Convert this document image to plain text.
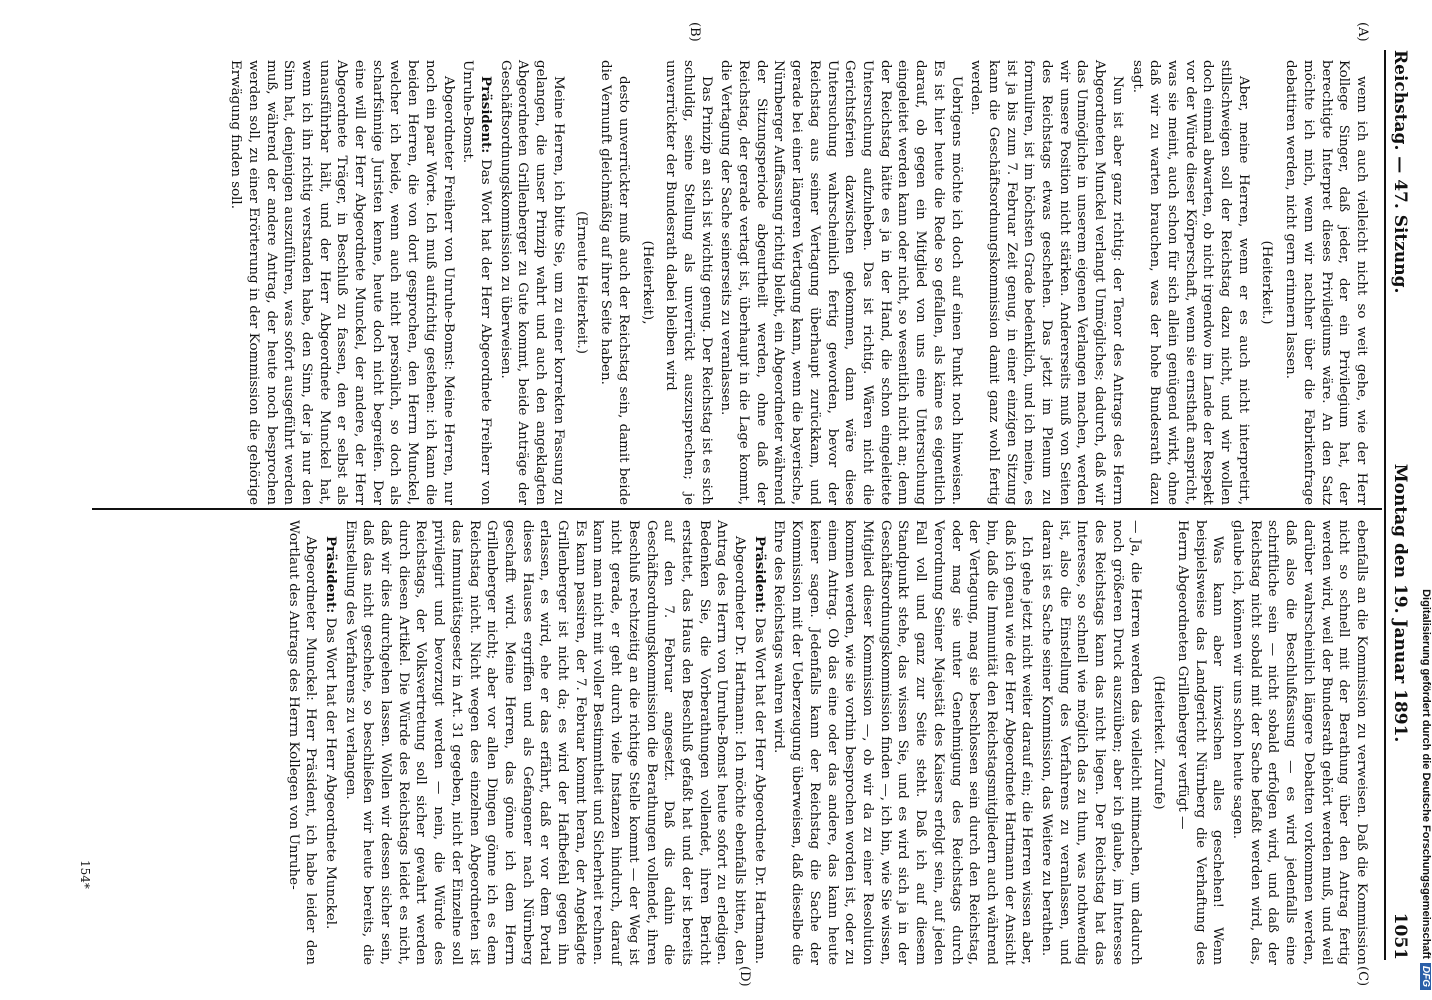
Reichstag. — 47. Sitzung.
Montag den 19. Januar 1891.
1051
(A)
(B)
(C)
(D)

wenn ich auch vielleicht nicht so weit gehe, wie der Herr Kollege Singer, daß jeder, der ein Privilegium hat, der berechtigte Interpret dieses Privilegiums wäre. An den Satz möchte ich mich, wenn wir nachher über die Fabrikenfrage debattiren werden, nicht gern erinnern lassen.

(Heiterkeit.)

Aber, meine Herren, wenn er es auch nicht interpretirt, stillschweigen soll der Reichstag dazu nicht, und wir wollen doch einmal abwarten, ob nicht irgendwo im Lande der Respekt vor der Würde dieser Körperschaft, wenn sie ernsthaft anspricht, was sie meint, auch schon für sich allein genügend wirkt, ohne daß wir zu warten brauchen, was der hohe Bundesrath dazu sagt.

Nun ist aber ganz richtig: der Tenor des Antrags des Herrn Abgeordneten Munckel verlangt Unmögliches; dadurch, daß wir das Unmögliche in unserem eigenen Verlangen machen, werden wir unsere Position nicht stärken. Andererseits muß von Seiten des Reichstags etwas geschehen. Das jetzt im Plenum zu formuliren, ist im höchsten Grade bedenklich, und ich meine, es ist ja bis zum 7. Februar Zeit genug, in einer einzigen Sitzung kann die Geschäftsordnungskommission damit ganz wohl fertig werden.

Uebrigens möchte ich doch auf einen Punkt noch hinweisen. Es ist hier heute die Rede so gefallen, als käme es eigentlich darauf, ob gegen ein Mitglied von uns eine Untersuchung eingeleitet werden kann oder nicht, so wesentlich nicht an; denn der Reichstag hätte es ja in der Hand, die schon eingeleitete Untersuchung aufzuheben. Das ist richtig. Wären nicht die Gerichtsferien dazwischen gekommen, dann wäre diese Untersuchung wahrscheinlich fertig geworden, bevor der Reichstag aus seiner Vertagung überhaupt zurückkam, und gerade bei einer längeren Vertagung kann, wenn die bayerische, Nürnberger Auffassung richtig bleibt, ein Abgeordneter während der Sitzungsperiode abgeurtheilt werden, ohne daß der Reichstag, der gerade vertagt ist, überhaupt in die Lage kommt, die Vertagung der Sache seinerseits zu veranlassen.

Das Prinzip an sich ist wichtig genug. Der Reichstag ist es sich schuldig, seine Stellung als unverrückt auszusprechen; je unverrückter der Bundesrath dabei bleiben wird

(Heiterkeit),

desto unverrückter muß auch der Reichstag sein, damit beide die Vernunft gleichmäßig auf ihrer Seite haben.

(Erneute Heiterkeit.)

Meine Herren, ich bitte Sie, um zu einer korrekten Fassung zu gelangen, die unser Prinzip wahrt und auch den angeklagten Abgeordneten Grillenberger zu Gute kommt, beide Anträge der Geschäftsordnungskommission zu überweisen.

Präsident: Das Wort hat der Herr Abgeordnete Freiherr von Unruhe-Bomst.

Abgeordneter Freiherr von Unruhe-Bomst: Meine Herren, nur noch ein paar Worte. Ich muß aufrichtig gestehen: ich kann die beiden Herren, die von dort gesprochen, den Herrn Munckel, welcher ich beide, wenn auch nicht persönlich, so doch als scharfsinnige Juristen kenne, heute doch nicht begreifen. Der eine will der Herr Abgeordnete Munckel, der andere, der Herr Abgeordnete Träger, in Beschluß zu fassen, den er selbst als unausführbar hält, und der Herr Abgeordnete Munckel hat, wenn ich ihn richtig verstanden habe, den Sinn, der ja nur den Sinn hat, denjenigen auszuführen, was sofort ausgeführt werden muß, während der andere Antrag, der heute noch besprochen werden soll, zu einer Erörterung in der Kommission die gehörige Erwägung finden soll.

ebenfalls an die Kommission zu verweisen. Daß die Kommission nicht so schnell mit der Berathung über den Antrag fertig werden wird, weil der Bundesrath gehört werden muß, und weil darüber wahrscheinlich längere Debatten vorkommen werden, daß also die Beschlußfassung — es wird jedenfalls eine schriftliche sein — nicht sobald erfolgen wird, und daß der Reichstag nicht sobald mit der Sache befaßt werden wird, das, glaube ich, können wir uns schon heute sagen.

Was kann aber inzwischen alles geschehen! Wenn beispielsweise das Landgericht Nürnberg die Verhaftung des Herrn Abgeordneten Grillenberger verfügt —

(Heiterkeit. Zurufe)

— Ja, die Herren werden das vielleicht mitmachen, um dadurch noch größeren Druck auszuüben; aber ich glaube, im Interesse des Reichstags kann das nicht liegen. Der Reichstag hat das Interesse, so schnell wie möglich das zu thun, was nothwendig ist, also die Einstellung des Verfahrens zu veranlassen, und daran ist es Sache seiner Kommission, das Weitere zu berathen.

Ich gehe jetzt nicht weiter darauf ein; die Herren wissen aber, daß ich genau wie der Herr Abgeordnete Hartmann der Ansicht bin, daß die Immunität den Reichstagsmitgliedern auch während der Vertagung, mag sie beschlossen sein durch den Reichstag, oder mag sie unter Genehmigung des Reichstags durch Verordnung Seiner Majestät des Kaisers erfolgt sein, auf jeden Fall voll und ganz zur Seite steht. Daß ich auf diesem Standpunkt stehe, das wissen Sie, und es wird sich ja in der Geschäftsordnungskommission finden —, ich bin, wie Sie wissen, Mitglied dieser Kommission —, ob wir da zu einer Resolution kommen werden, wie sie vorhin besprochen worden ist, oder zu einem Antrag. Ob das eine oder das andere, das kann heute keiner sagen. Jedenfalls kann der Reichstag die Sache der Kommission mit der Ueberzeugung überweisen, daß dieselbe die Ehre des Reichstags wahren wird.

Präsident: Das Wort hat der Herr Abgeordnete Dr. Hartmann.

Abgeordneter Dr. Hartmann: Ich möchte ebenfalls bitten, den Antrag des Herrn von Unruhe-Bomst heute sofort zu erledigen. Bedenken Sie, die Vorberathungen vollendet, ihren Bericht erstattet, das Haus den Beschluß gefaßt hat und der ist bereits auf den 7. Februar angesetzt. Daß dis dahin die Geschäftsordnungskommission die Berathungen vollendet, ihren Beschluß rechtzeitig an die richtige Stelle kommt — der Weg ist nicht gerade, er geht durch viele Instanzen hindurch, darauf kann man nicht mit voller Bestimmtheit und Sicherheit rechnen. Es kann passiren, der 7. Februar kommt heran, der Angeklagte Grillenberger ist nicht da; es wird der Haftbefehl gegen ihn erlassen, es wird, ehe er das erfährt, daß er vor dem Portal dieses Hauses ergriffen und als Gefangener nach Nürnberg geschafft wird. Meine Herren, das gönne ich dem Herrn Grillenberger nicht; aber vor allen Dingen gönne ich es dem Reichstag nicht. Nicht wegen des einzelnen Abgeordneten ist das Immunitätsgesetz in Art. 31 gegeben, nicht der Einzelne soll privilegirt und bevorzugt werden — nein, die Würde des Reichstags, der Volksvertretung soll sicher gewahrt werden durch diesen Artikel. Die Würde des Reichstags leidet es nicht, daß wir dies durchgehen lassen. Wollen wir dessen sicher sein, daß das nicht geschehe, so beschließen wir heute bereits, die Einstellung des Verfahrens zu verlangen.

Präsident: Das Wort hat der Herr Abgeordnete Munckel.

Abgeordneter Munckel: Herr Präsident, ich habe leider den Wortlaut des Antrags des Herrn Kollegen von Unruhe-

154*	Digitalisierung gefördert durch die Deutsche ForschungsgemeinschaftDFG
